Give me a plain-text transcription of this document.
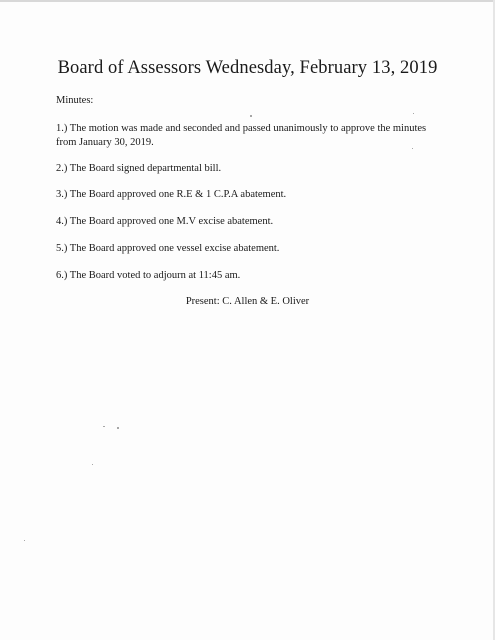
Board of Assessors Wednesday, February 13, 2019
Minutes:
1.) The motion was made and seconded and passed unanimously to approve the minutes from January 30, 2019.
2.) The Board signed departmental bill.
3.) The Board approved one R.E & 1 C.P.A abatement.
4.) The Board approved one M.V excise abatement.
5.) The Board approved one vessel excise abatement.
6.) The Board voted to adjourn at 11:45 am.
Present: C. Allen & E. Oliver
